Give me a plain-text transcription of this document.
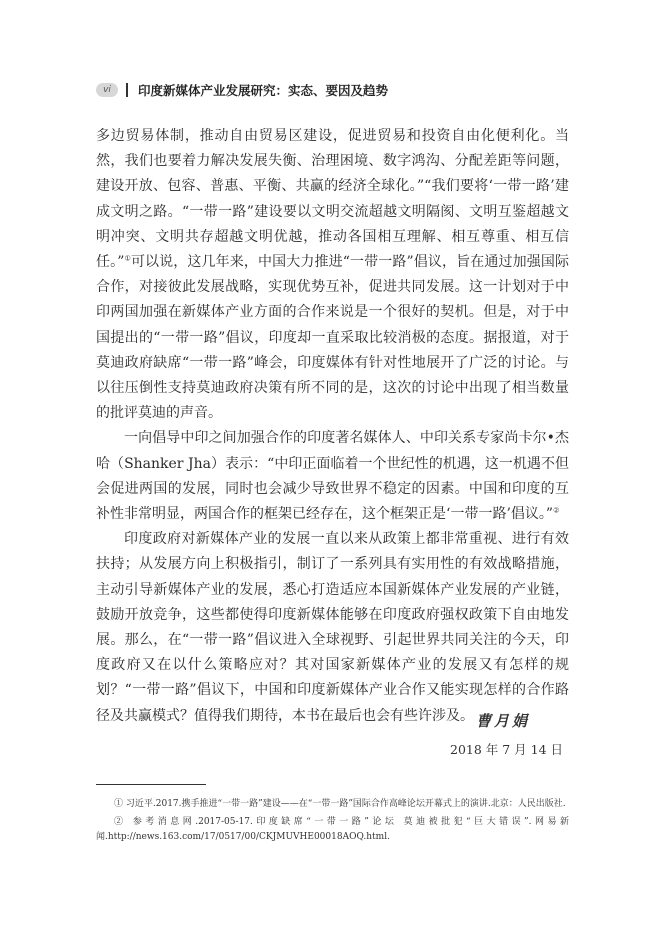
vi	印度新媒体产业发展研究：实态、要因及趋势

多边贸易体制，推动自由贸易区建设，促进贸易和投资自由化便利化。当然，我们也要着力解决发展失衡、治理困境、数字鸿沟、分配差距等问题，建设开放、包容、普惠、平衡、共赢的经济全球化。”“我们要将‘一带一路’建成文明之路。“一带一路”建设要以文明交流超越文明隔阂、文明互鉴超越文明冲突、文明共存超越文明优越，推动各国相互理解、相互尊重、相互信任。”①可以说，这几年来，中国大力推进“一带一路”倡议，旨在通过加强国际合作，对接彼此发展战略，实现优势互补，促进共同发展。这一计划对于中印两国加强在新媒体产业方面的合作来说是一个很好的契机。但是，对于中国提出的“一带一路”倡议，印度却一直采取比较消极的态度。据报道，对于莫迪政府缺席“一带一路”峰会，印度媒体有针对性地展开了广泛的讨论。与以往压倒性支持莫迪政府决策有所不同的是，这次的讨论中出现了相当数量的批评莫迪的声音。

一向倡导中印之间加强合作的印度著名媒体人、中印关系专家尚卡尔•杰哈（Shanker Jha）表示：“中印正面临着一个世纪性的机遇，这一机遇不但会促进两国的发展，同时也会减少导致世界不稳定的因素。中国和印度的互补性非常明显，两国合作的框架已经存在，这个框架正是‘一带一路’倡议。”②

印度政府对新媒体产业的发展一直以来从政策上都非常重视、进行有效扶持；从发展方向上积极指引，制订了一系列具有实用性的有效战略措施，主动引导新媒体产业的发展，悉心打造适应本国新媒体产业发展的产业链，鼓励开放竞争，这些都使得印度新媒体能够在印度政府强权政策下自由地发展。那么，在“一带一路”倡议进入全球视野、引起世界共同关注的今天，印度政府又在以什么策略应对？其对国家新媒体产业的发展又有怎样的规划？“一带一路”倡议下，中国和印度新媒体产业合作又能实现怎样的合作路径及共赢模式？值得我们期待，本书在最后也会有些许涉及。 曹月娟
2018 年 7 月 14 日

① 习近平.2017.携手推进“一带一路”建设——在“一带一路”国际合作高峰论坛开幕式上的演讲.北京：人民出版社.

② 参考消息网.2017-05-17.印度缺席“一带一路”论坛 莫迪被批犯“巨大错误”.网易新闻.http://news.163.com/17/0517/00/CKJMUVHE00018AOQ.html.
